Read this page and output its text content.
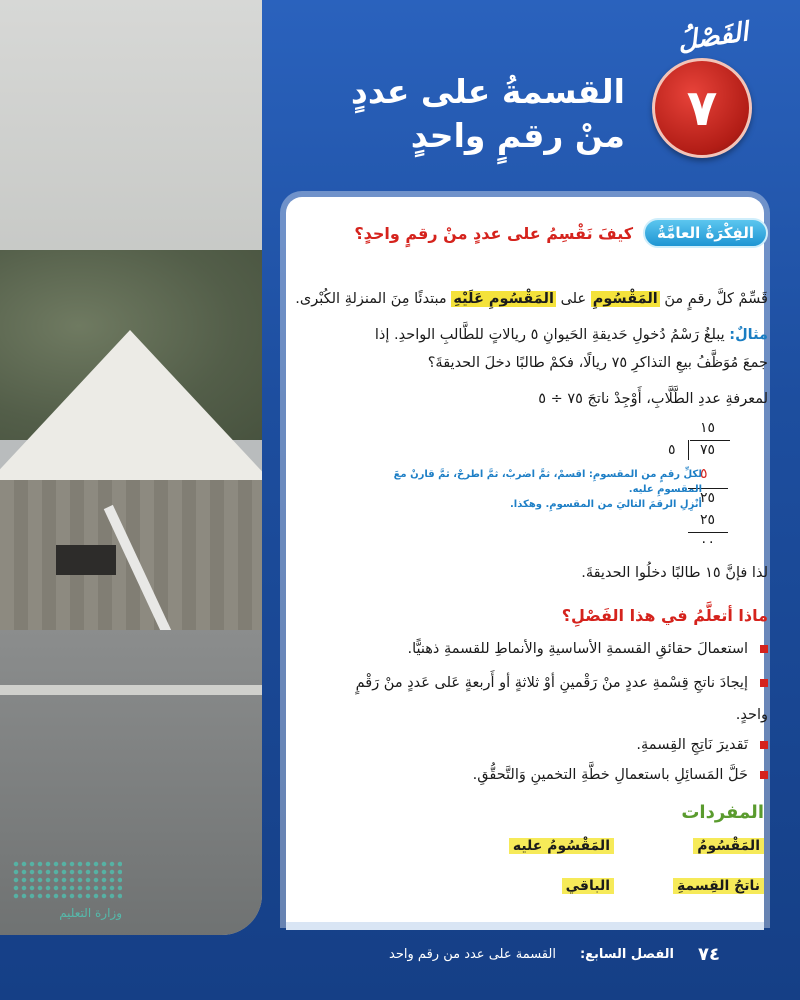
وزارة التعليم
الفَصْلُ
٧
القسمةُ على عددٍ
منْ رقمٍ واحدٍ
الفِكْرَةُ العامَّةُ
كيفَ نَقْسِمُ على عددٍ منْ رقمٍ واحدٍ؟
قَسِّمْ كلَّ رقمٍ منَ المَقْسُومِ على المَقْسُومِ عَلَيْهِ مبتدئًا مِنَ المنزلةِ الكُبْرى.
مثالٌ: يبلغُ رَسْمُ دُخولِ حَديقةِ الحَيوانِ ٥ ريالاتٍ للطَّالبِ الواحدِ. إذا
جمعَ مُوَظَّفُ بيعِ التذاكرِ ٧٥ ريالًا، فكمْ طالبًا دخلَ الحديقةَ؟
لمعرفةِ عددِ الطَّلَّابِ، أَوْجِدْ ناتجَ ٧٥ ÷ ٥
١٥
٥ ٧٥
٥
٢٥
٢٥
٠٠
لكلِّ رقمٍ من المقسومِ: اقسمْ، ثمَّ اضربْ، ثمَّ اطرحْ، ثمَّ قارنْ معَ المقسومِ عليه.
أنْزِلِ الرقمَ التاليَ من المقسومِ. وهكذا.
لذا فإنَّ ١٥ طالبًا دخلُوا الحديقةَ.
ماذا أتعلَّمُ في هذا الفَصْلِ؟
استعمالَ حقائقِ القسمةِ الأساسيةِ والأنماطِ للقسمةِ ذهنيًّا.
إيجادَ ناتجِ قِسْمةِ عددٍ منْ رَقْمينِ أوْ ثلاثةٍ أو أَربعةٍ عَلى عَددٍ منْ رَقْمٍ
واحدٍ.
تَقديرَ نَاتِجِ القِسمةِ.
حَلَّ المَسائِلِ باستعمالِ خطَّةِ التخمينِ وَالتَّحقُّقِ.
المفردات
المَقْسُومُ
المَقْسُومُ عليه
ناتجُ القِسمةِ
الباقي
٧٤
الفصل السابع:
القسمة على عدد من رقم واحد
